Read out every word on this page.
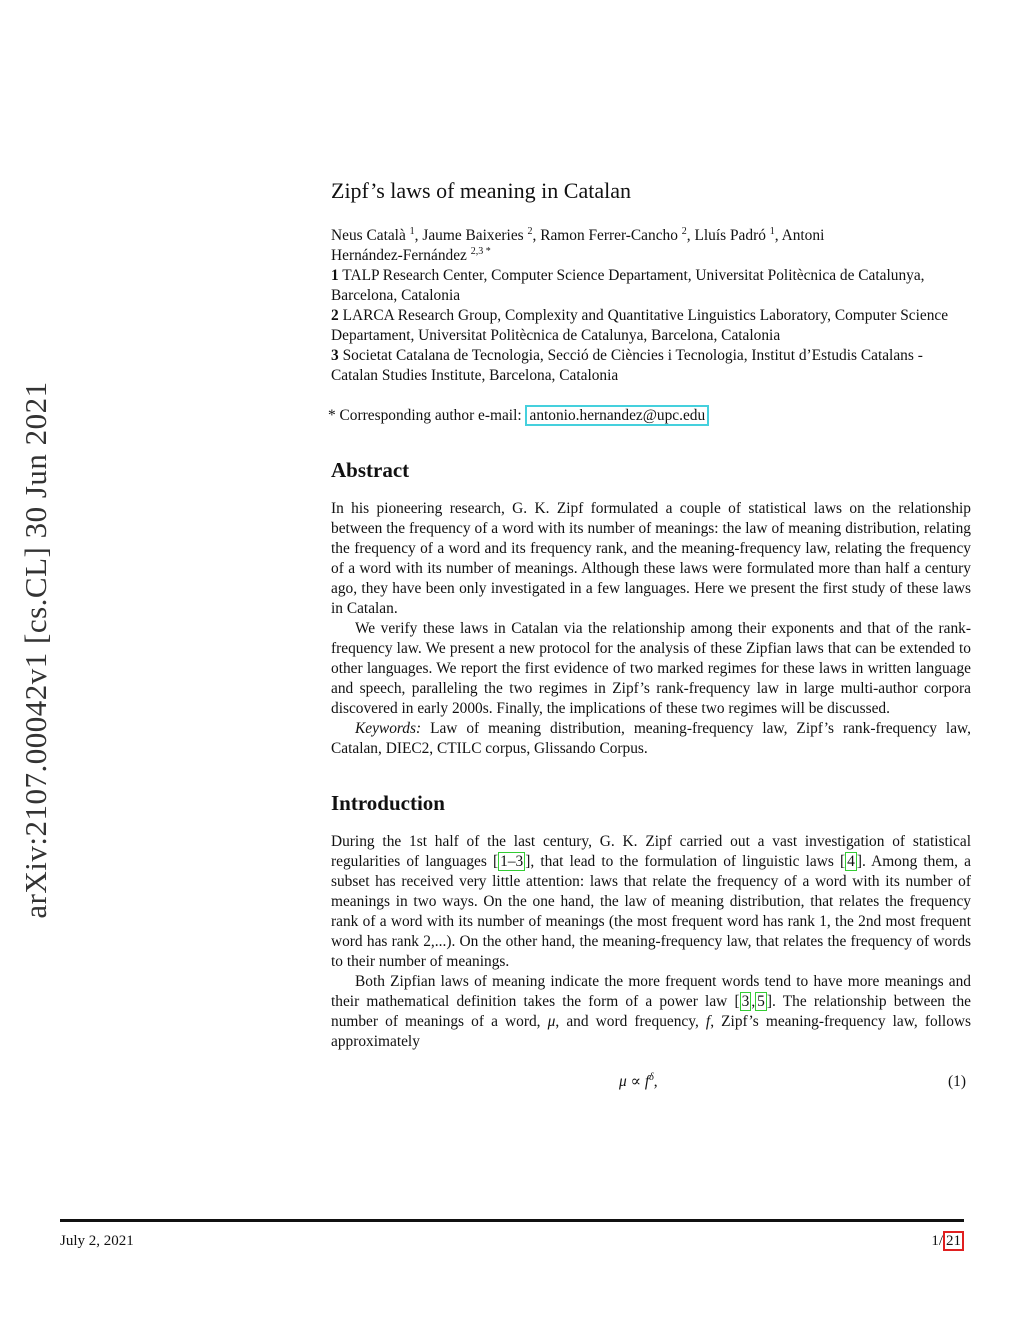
arXiv:2107.00042v1 [cs.CL] 30 Jun 2021
Zipf’s laws of meaning in Catalan

Neus Català $^1$, Jaume Baixeries $^2$, Ramon Ferrer-Cancho $^2$, Lluís Padró $^1$, Antoni

Hernández-Fernández $^{2,3 *}$

1 TALP Research Center, Computer Science Departament, Universitat Politècnica de Catalunya, Barcelona, Catalonia

2 LARCA Research Group, Complexity and Quantitative Linguistics Laboratory, Computer Science Departament, Universitat Politècnica de Catalunya, Barcelona, Catalonia

3 Societat Catalana de Tecnologia, Secció de Ciències i Tecnologia, Institut d’Estudis Catalans - Catalan Studies Institute, Barcelona, Catalonia

* Corresponding author e-mail: antonio.hernandez@upc.edu

Abstract

In his pioneering research, G. K. Zipf formulated a couple of statistical laws on the relationship between the frequency of a word with its number of meanings: the law of meaning distribution, relating the frequency of a word and its frequency rank, and the meaning-frequency law, relating the frequency of a word with its number of meanings. Although these laws were formulated more than half a century ago, they have been only investigated in a few languages. Here we present the first study of these laws in Catalan.

We verify these laws in Catalan via the relationship among their exponents and that of the rank-frequency law. We present a new protocol for the analysis of these Zipfian laws that can be extended to other languages. We report the first evidence of two marked regimes for these laws in written language and speech, paralleling the two regimes in Zipf’s rank-frequency law in large multi-author corpora discovered in early 2000s. Finally, the implications of these two regimes will be discussed.

Keywords: Law of meaning distribution, meaning-frequency law, Zipf’s rank-frequency law, Catalan, DIEC2, CTILC corpus, Glissando Corpus.

Introduction

During the 1st half of the last century, G. K. Zipf carried out a vast investigation of statistical regularities of languages [ 1–3 ], that lead to the formulation of linguistic laws [ 4 ]. Among them, a subset has received very little attention: laws that relate the frequency of a word with its number of meanings in two ways. On the one hand, the law of meaning distribution, that relates the frequency rank of a word with its number of meanings (the most frequent word has rank 1, the 2nd most frequent word has rank 2,...). On the other hand, the meaning-frequency law, that relates the frequency of words to their number of meanings.

Both Zipfian laws of meaning indicate the more frequent words tend to have more meanings and their mathematical definition takes the form of a power law [ 3 , 5 ]. The relationship between the number of meanings of a word, μ, and word frequency, f, Zipf’s meaning-frequency law, follows approximately

$\mu \propto f^\delta$,	(1)
July 2, 2021	1/ 21
